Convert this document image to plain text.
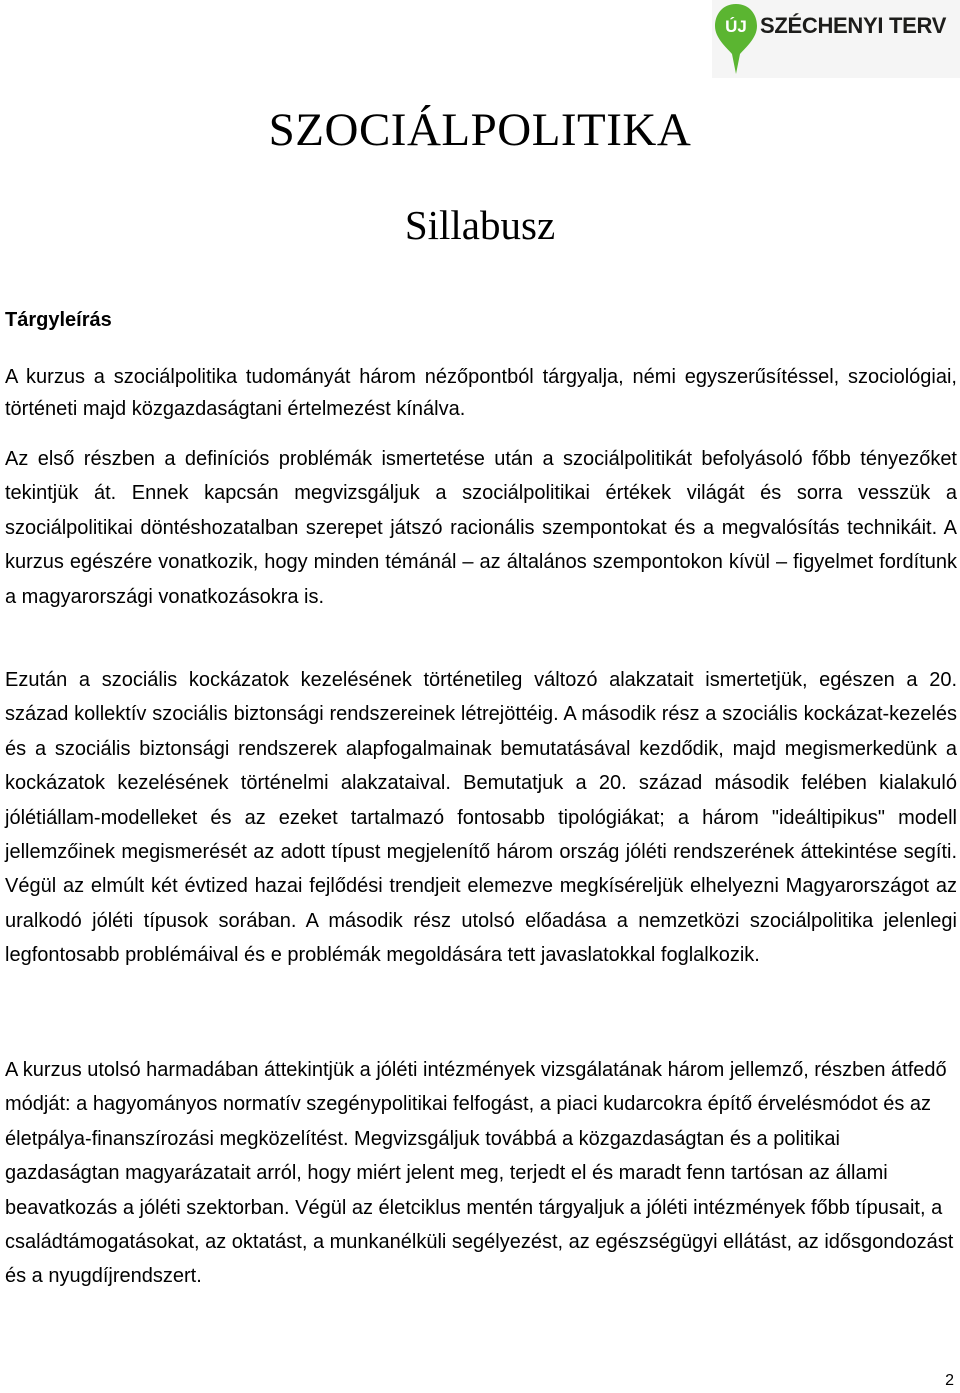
ÚJ SZÉCHENYI TERV
SZOCIÁLPOLITIKA
Sillabusz
Tárgyleírás

A kurzus a szociálpolitika tudományát három nézőpontból tárgyalja, némi egyszerűsítéssel, szociológiai, történeti majd közgazdaságtani értelmezést kínálva.

Az első részben a definíciós problémák ismertetése után a szociálpolitikát befolyásoló főbb tényezőket tekintjük át. Ennek kapcsán megvizsgáljuk a szociálpolitikai értékek világát és sorra vesszük a szociálpolitikai döntéshozatalban szerepet játszó racionális szempontokat és a megvalósítás technikáit. A kurzus egészére vonatkozik, hogy minden témánál – az általános szempontokon kívül – figyelmet fordítunk a magyarországi vonatkozásokra is.

Ezután a szociális kockázatok kezelésének történetileg változó alakzatait ismertetjük, egészen a 20. század kollektív szociális biztonsági rendszereinek létrejöttéig. A második rész a szociális kockázat-kezelés és a szociális biztonsági rendszerek alapfogalmainak bemutatásával kezdődik, majd megismerkedünk a kockázatok kezelésének történelmi alakzataival. Bemutatjuk a 20. század második felében kialakuló jólétiállam-modelleket és az ezeket tartalmazó fontosabb tipológiákat; a három "ideáltipikus" modell jellemzőinek megismerését az adott típust megjelenítő három ország jóléti rendszerének áttekintése segíti. Végül az elmúlt két évtized hazai fejlődési trendjeit elemezve megkíséreljük elhelyezni Magyarországot az uralkodó jóléti típusok sorában. A második rész utolsó előadása a nemzetközi szociálpolitika jelenlegi legfontosabb problémáival és e problémák megoldására tett javaslatokkal foglalkozik.

A kurzus utolsó harmadában áttekintjük a jóléti intézmények vizsgálatának három jellemző, részben átfedő módját: a hagyományos normatív szegénypolitikai felfogást, a piaci kudarcokra építő érvelésmódot és az életpálya-finanszírozási megközelítést. Megvizsgáljuk továbbá a közgazdaságtan és a politikai gazdaságtan magyarázatait arról, hogy miért jelent meg, terjedt el és maradt fenn tartósan az állami beavatkozás a jóléti szektorban. Végül az életciklus mentén tárgyaljuk a jóléti intézmények főbb típusait, a családtámogatásokat, az oktatást, a munkanélküli segélyezést, az egészségügyi ellátást, az idősgondozást és a nyugdíjrendszert.

2
